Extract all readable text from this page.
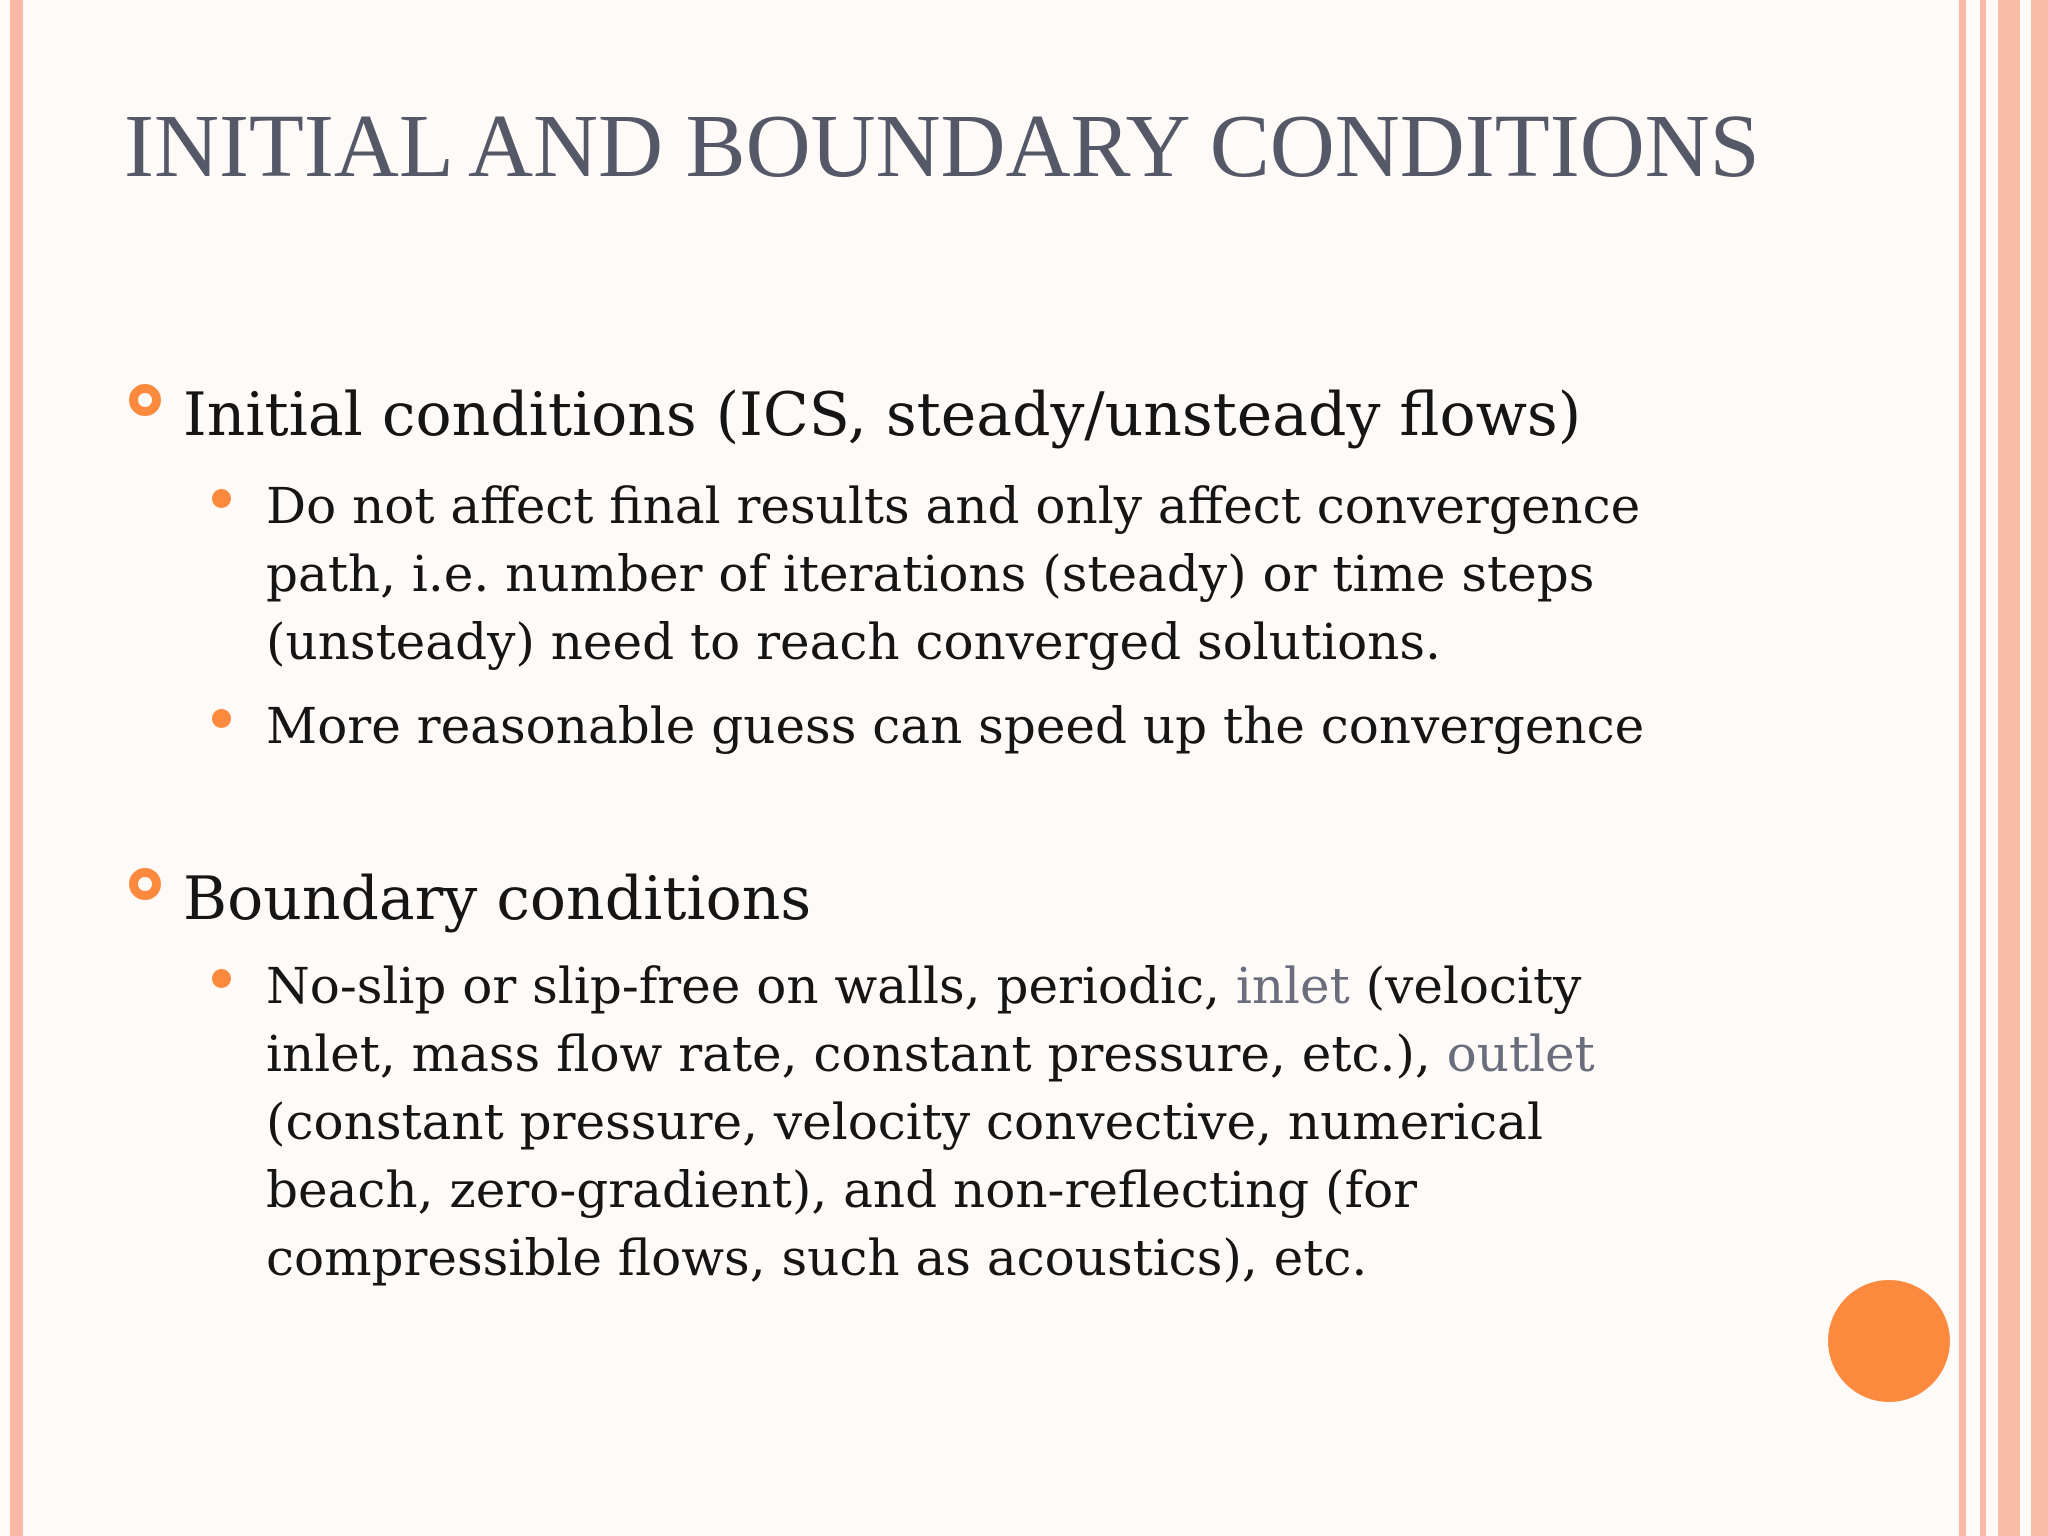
INITIAL AND BOUNDARY CONDITIONS
Initial conditions (ICS, steady/unsteady flows)
Do not affect final results and only affect convergence path, i.e. number of iterations (steady) or time steps (unsteady) need to reach converged solutions.
More reasonable guess can speed up the convergence
Boundary conditions
No-slip or slip-free on walls, periodic, inlet (velocity inlet, mass flow rate, constant pressure, etc.), outlet (constant pressure, velocity convective, numerical beach, zero-gradient), and non-reflecting (for compressible flows, such as acoustics), etc.
